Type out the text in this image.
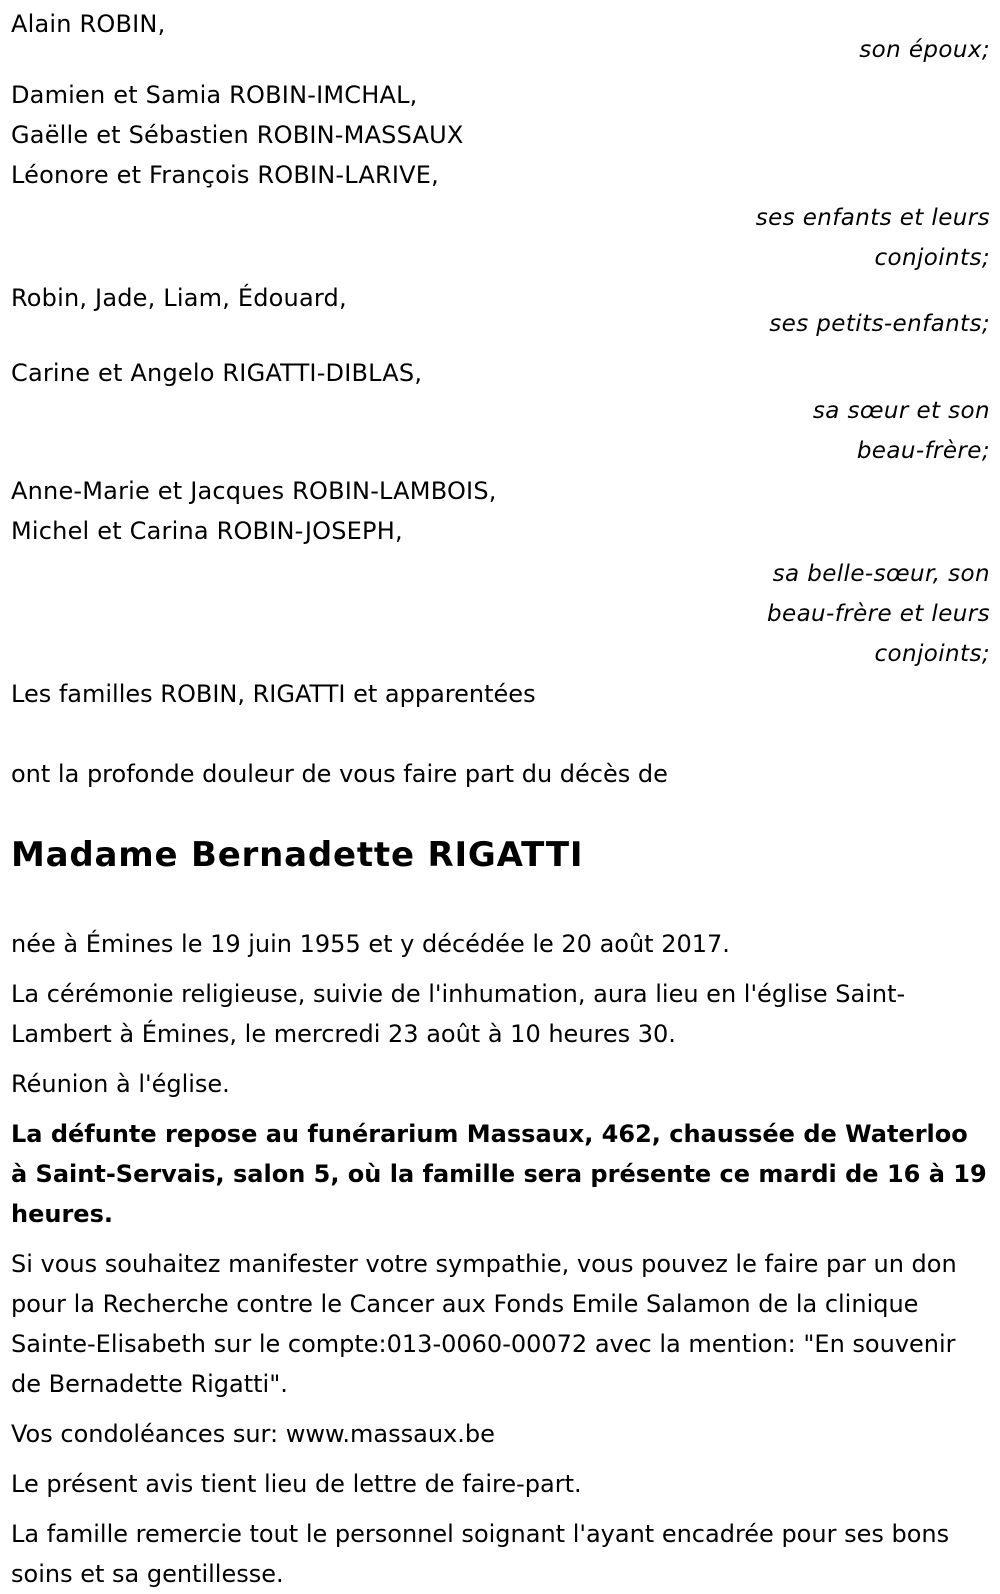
Alain ROBIN,

son époux;

Damien et Samia ROBIN-IMCHAL,

Gaëlle et Sébastien ROBIN-MASSAUX

Léonore et François ROBIN-LARIVE,

ses enfants et leurs
conjoints;

Robin, Jade, Liam, Édouard,

ses petits-enfants;

Carine et Angelo RIGATTI-DIBLAS,

sa sœur et son
beau-frère;

Anne-Marie et Jacques ROBIN-LAMBOIS,

Michel et Carina ROBIN-JOSEPH,

sa belle-sœur, son
beau-frère et leurs
conjoints;

Les familles ROBIN, RIGATTI et apparentées

ont la profonde douleur de vous faire part du décès de

Madame Bernadette RIGATTI

née à Émines le 19 juin 1955 et y décédée le 20 août 2017.

La cérémonie religieuse, suivie de l'inhumation, aura lieu en l'église Saint-Lambert à Émines, le mercredi 23 août à 10 heures 30.

Réunion à l'église.

La défunte repose au funérarium Massaux, 462, chaussée de Waterloo à Saint-Servais, salon 5, où la famille sera présente ce mardi de 16 à 19 heures.

Si vous souhaitez manifester votre sympathie, vous pouvez le faire par un don pour la Recherche contre le Cancer aux Fonds Emile Salamon de la clinique Sainte-Elisabeth sur le compte:013-0060-00072 avec la mention: "En souvenir de Bernadette Rigatti".

Vos condoléances sur: www.massaux.be

Le présent avis tient lieu de lettre de faire-part.

La famille remercie tout le personnel soignant l'ayant encadrée pour ses bons soins et sa gentillesse.
